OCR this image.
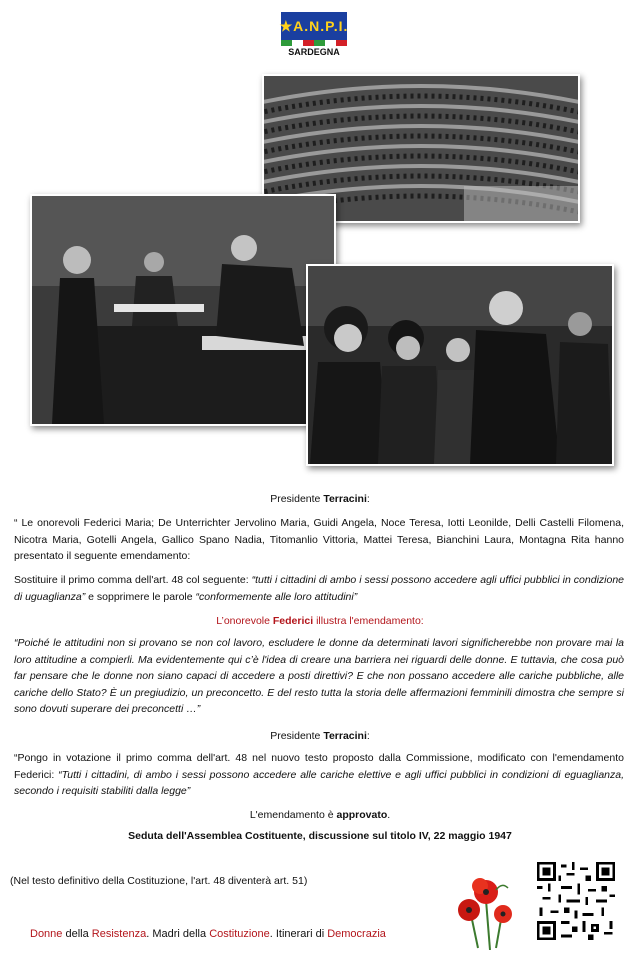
★A.N.P.I.
SARDEGNA
Presidente Terracini:
“ Le onorevoli Federici Maria; De Unterrichter Jervolino Maria, Guidi Angela, Noce Teresa, Iotti Leonilde, Delli Castelli Filomena, Nicotra Maria, Gotelli Angela, Gallico Spano Nadia, Titomanlio Vittoria, Mattei Teresa, Bianchini Laura, Montagna Rita hanno presentato il seguente emendamento:
Sostituire il primo comma dell'art. 48 col seguente: “tutti i cittadini di ambo i sessi possono accedere agli uffici pubblici in condizione di uguaglianza” e sopprimere le parole “conformemente alle loro attitudini”
L’onorevole Federici illustra l'emendamento:
“Poiché le attitudini non si provano se non col lavoro, escludere le donne da determinati lavori significherebbe non provare mai la loro attitudine a compierli. Ma evidentemente qui c’è l'idea di creare una barriera nei riguardi delle donne. E tuttavia, che cosa può far pensare che le donne non siano capaci di accedere a posti direttivi? E che non possano accedere alle cariche pubbliche, alle cariche dello Stato? È un pregiudizio, un preconcetto. E del resto tutta la storia delle affermazioni femminili dimostra che sempre si sono dovuti superare dei preconcetti …”
Presidente Terracini:
“Pongo in votazione il primo comma dell'art. 48 nel nuovo testo proposto dalla Commissione, modificato con l'emendamento Federici: “Tutti i cittadini, di ambo i sessi possono accedere alle cariche elettive e agli uffici pubblici in condizioni di eguaglianza, secondo i requisiti stabiliti dalla legge”
L'emendamento è approvato.
Seduta dell'Assemblea Costituente, discussione sul titolo IV, 22 maggio 1947
(Nel testo definitivo della Costituzione, l'art. 48 diventerà art. 51)
Donne della Resistenza. Madri della Costituzione. Itinerari di Democrazia
